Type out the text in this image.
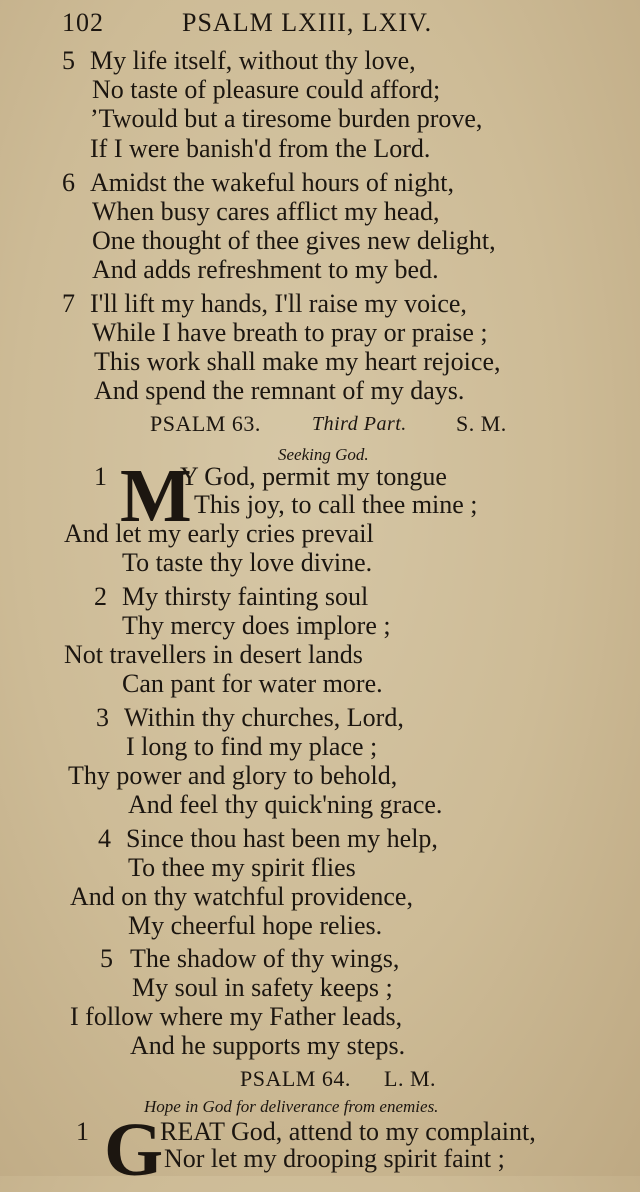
102	PSALM LXIII, LXIV.
5 My life itself, without thy love,
No taste of pleasure could afford;
’Twould but a tiresome burden prove,
If I were banish'd from the Lord.
6 Amidst the wakeful hours of night,
When busy cares afflict my head,
One thought of thee gives new delight,
And adds refreshment to my bed.
7 I'll lift my hands, I'll raise my voice,
While I have breath to pray or praise ;
This work shall make my heart rejoice,
And spend the remnant of my days.
PSALM 63.	Third Part. S. M.
Seeking God.
1 M
Y God, permit my tongue
This joy, to call thee mine ;
And let my early cries prevail
To taste thy love divine.
2 My thirsty fainting soul
Thy mercy does implore ;
Not travellers in desert lands
Can pant for water more.
3 Within thy churches, Lord,
I long to find my place ;
Thy power and glory to behold,
And feel thy quick'ning grace.
4 Since thou hast been my help,
To thee my spirit flies
And on thy watchful providence,
My cheerful hope relies.
5 The shadow of thy wings,
My soul in safety keeps ;
I follow where my Father leads,
And he supports my steps.
PSALM 64. L. M.
Hope in God for deliverance from enemies.
1 G
REAT God, attend to my complaint,
Nor let my drooping spirit faint ;
